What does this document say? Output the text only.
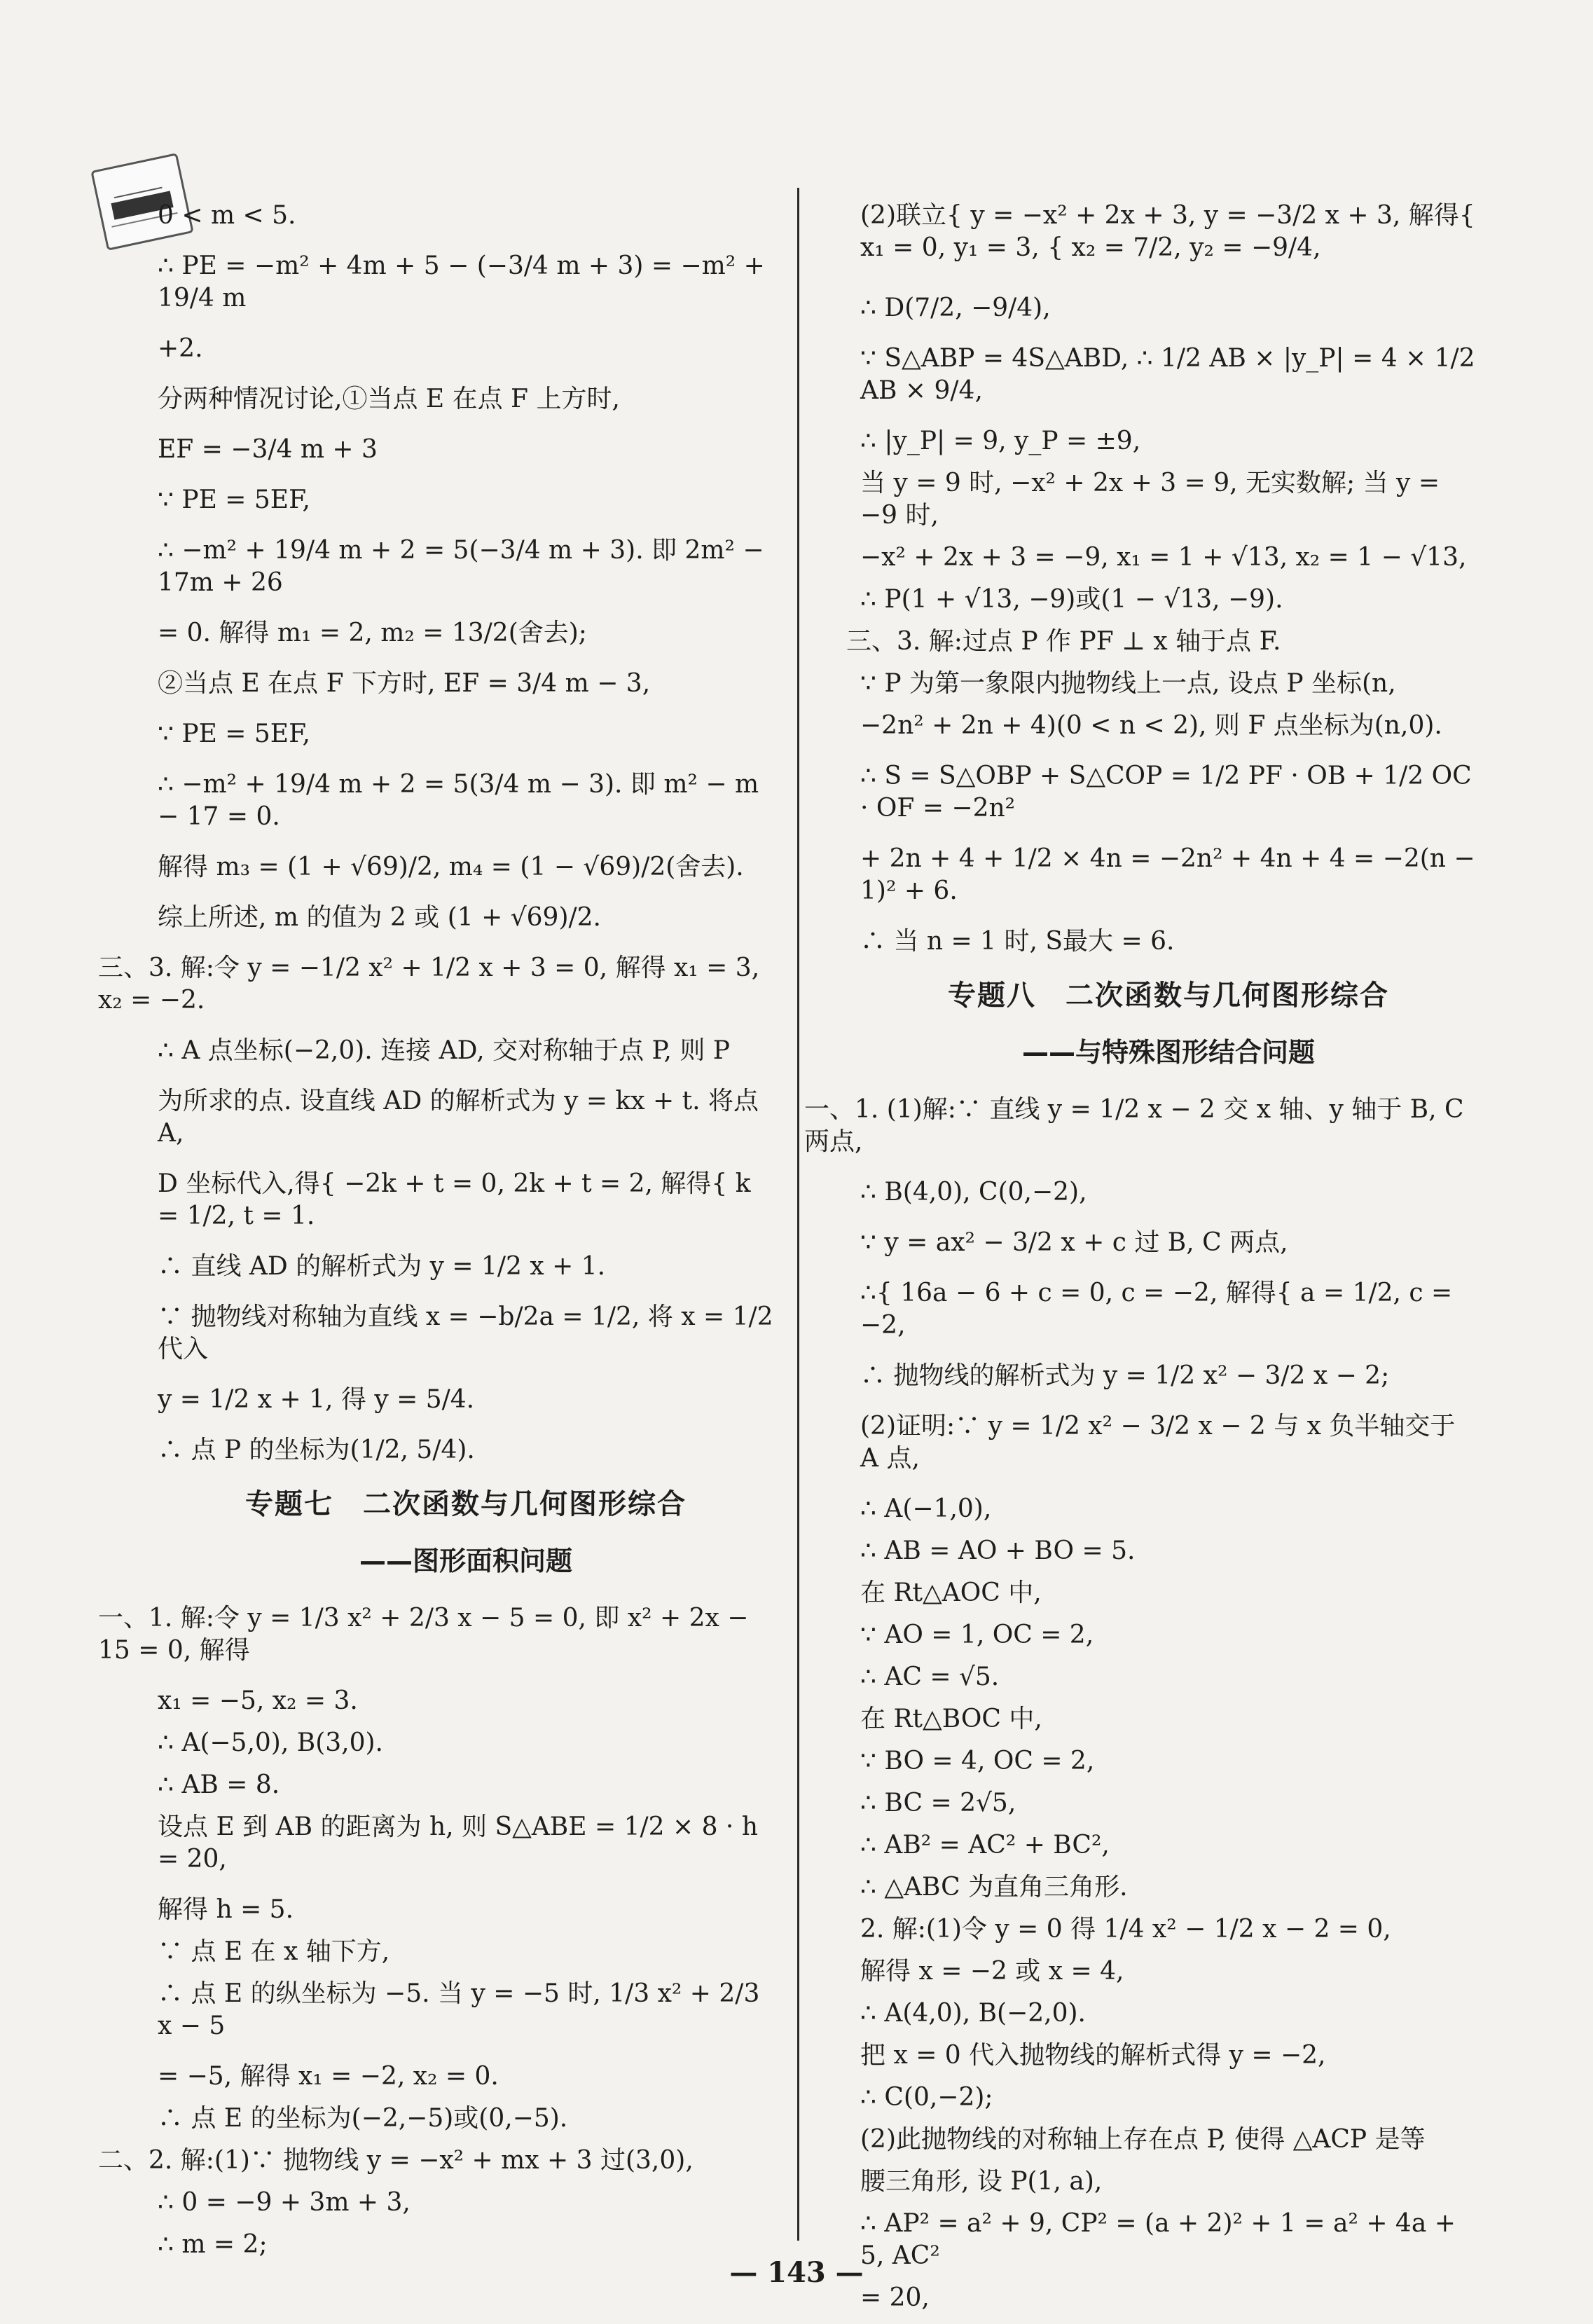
0 < m < 5.
∴ PE = −m² + 4m + 5 − (−3/4 m + 3) = −m² + 19/4 m
+2.
分两种情况讨论,①当点 E 在点 F 上方时,
EF = −3/4 m + 3
∵ PE = 5EF,
∴ −m² + 19/4 m + 2 = 5(−3/4 m + 3). 即 2m² − 17m + 26
= 0. 解得 m₁ = 2, m₂ = 13/2(舍去);
②当点 E 在点 F 下方时, EF = 3/4 m − 3,
∵ PE = 5EF,
∴ −m² + 19/4 m + 2 = 5(3/4 m − 3). 即 m² − m − 17 = 0.
解得 m₃ = (1 + √69)/2, m₄ = (1 − √69)/2(舍去).
综上所述, m 的值为 2 或 (1 + √69)/2.
三、3. 解:令 y = −1/2 x² + 1/2 x + 3 = 0, 解得 x₁ = 3, x₂ = −2.
∴ A 点坐标(−2,0). 连接 AD, 交对称轴于点 P, 则 P
为所求的点. 设直线 AD 的解析式为 y = kx + t. 将点 A,
D 坐标代入,得{ −2k + t = 0, 2k + t = 2, 解得{ k = 1/2, t = 1.
∴ 直线 AD 的解析式为 y = 1/2 x + 1.
∵ 抛物线对称轴为直线 x = −b/2a = 1/2, 将 x = 1/2 代入
y = 1/2 x + 1, 得 y = 5/4.
∴ 点 P 的坐标为(1/2, 5/4).
专题七　二次函数与几何图形综合
——图形面积问题
一、1. 解:令 y = 1/3 x² + 2/3 x − 5 = 0, 即 x² + 2x − 15 = 0, 解得
x₁ = −5, x₂ = 3.
∴ A(−5,0), B(3,0).
∴ AB = 8.
设点 E 到 AB 的距离为 h, 则 S△ABE = 1/2 × 8 · h = 20,
解得 h = 5.
∵ 点 E 在 x 轴下方,
∴ 点 E 的纵坐标为 −5. 当 y = −5 时, 1/3 x² + 2/3 x − 5
= −5, 解得 x₁ = −2, x₂ = 0.
∴ 点 E 的坐标为(−2,−5)或(0,−5).
二、2. 解:(1)∵ 抛物线 y = −x² + mx + 3 过(3,0),
∴ 0 = −9 + 3m + 3,
∴ m = 2;
(2)联立{ y = −x² + 2x + 3, y = −3/2 x + 3, 解得{ x₁ = 0, y₁ = 3, { x₂ = 7/2, y₂ = −9/4,
∴ D(7/2, −9/4),
∵ S△ABP = 4S△ABD, ∴ 1/2 AB × |y_P| = 4 × 1/2 AB × 9/4,
∴ |y_P| = 9, y_P = ±9,
当 y = 9 时, −x² + 2x + 3 = 9, 无实数解; 当 y = −9 时,
−x² + 2x + 3 = −9, x₁ = 1 + √13, x₂ = 1 − √13,
∴ P(1 + √13, −9)或(1 − √13, −9).
三、3. 解:过点 P 作 PF ⊥ x 轴于点 F.
∵ P 为第一象限内抛物线上一点, 设点 P 坐标(n,
−2n² + 2n + 4)(0 < n < 2), 则 F 点坐标为(n,0).
∴ S = S△OBP + S△COP = 1/2 PF · OB + 1/2 OC · OF = −2n²
+ 2n + 4 + 1/2 × 4n = −2n² + 4n + 4 = −2(n − 1)² + 6.
∴ 当 n = 1 时, S最大 = 6.
专题八　二次函数与几何图形综合
——与特殊图形结合问题
一、1. (1)解:∵ 直线 y = 1/2 x − 2 交 x 轴、y 轴于 B, C 两点,
∴ B(4,0), C(0,−2),
∵ y = ax² − 3/2 x + c 过 B, C 两点,
∴{ 16a − 6 + c = 0, c = −2, 解得{ a = 1/2, c = −2,
∴ 抛物线的解析式为 y = 1/2 x² − 3/2 x − 2;
(2)证明:∵ y = 1/2 x² − 3/2 x − 2 与 x 负半轴交于 A 点,
∴ A(−1,0),
∴ AB = AO + BO = 5.
在 Rt△AOC 中,
∵ AO = 1, OC = 2,
∴ AC = √5.
在 Rt△BOC 中,
∵ BO = 4, OC = 2,
∴ BC = 2√5,
∴ AB² = AC² + BC²,
∴ △ABC 为直角三角形.
2. 解:(1)令 y = 0 得 1/4 x² − 1/2 x − 2 = 0,
解得 x = −2 或 x = 4,
∴ A(4,0), B(−2,0).
把 x = 0 代入抛物线的解析式得 y = −2,
∴ C(0,−2);
(2)此抛物线的对称轴上存在点 P, 使得 △ACP 是等
腰三角形, 设 P(1, a),
∴ AP² = a² + 9, CP² = (a + 2)² + 1 = a² + 4a + 5, AC²
= 20,
— 143 —
